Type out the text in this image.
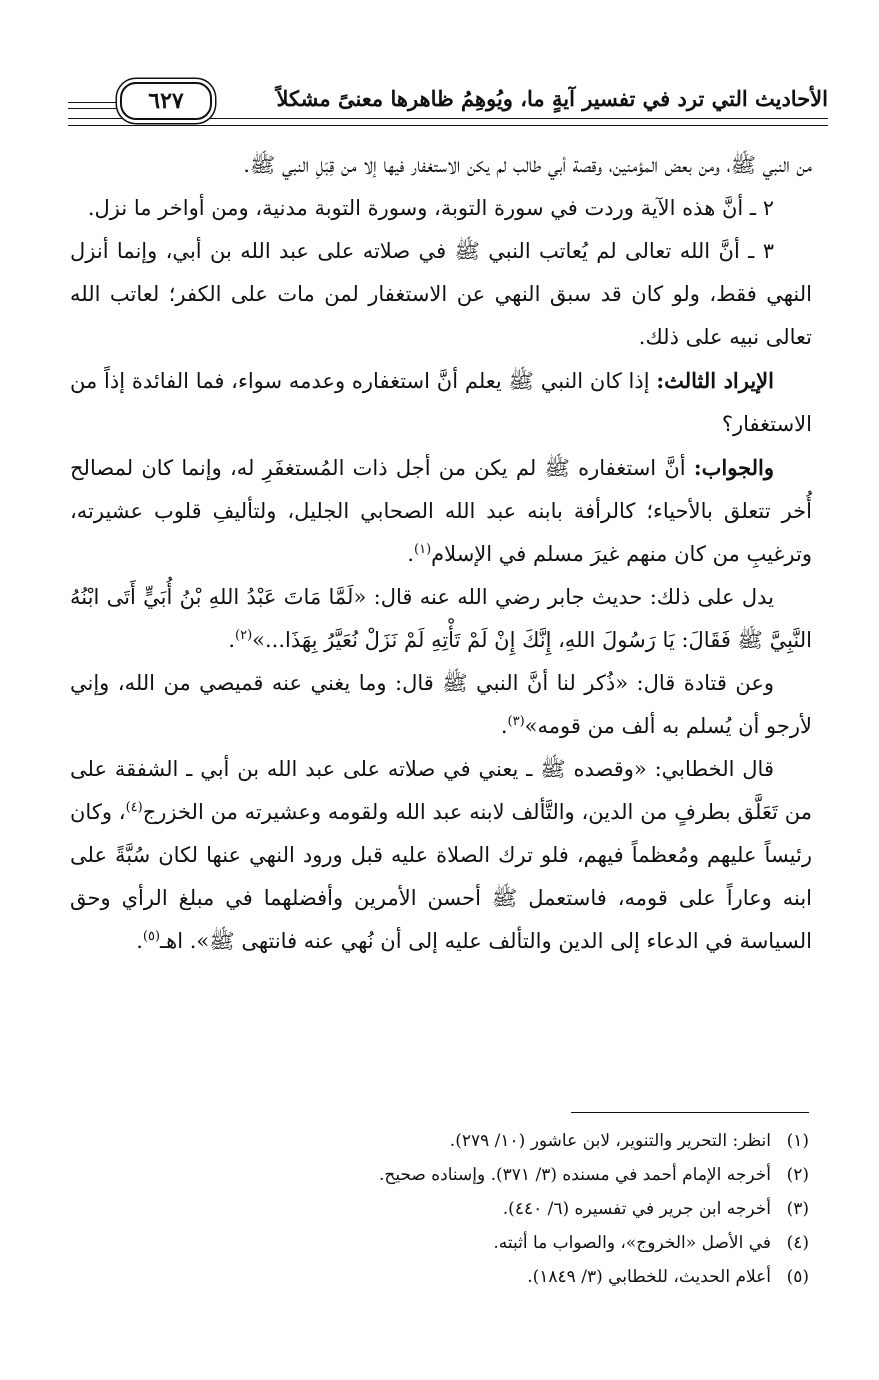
الأحاديث التي ترد في تفسير آيةٍ ما، ويُوهِمُ ظاهرها معنىً مشكلاً
٦٢٧

من النبي ﷺ، ومن بعض المؤمنين، وقصة أبي طالب لم يكن الاستغفار فيها إلا من قِبَلِ النبي ﷺ.

٢ ـ أنَّ هذه الآية وردت في سورة التوبة، وسورة التوبة مدنية، ومن أواخر ما نزل.

٣ ـ أنَّ الله تعالى لم يُعاتب النبي ﷺ في صلاته على عبد الله بن أبي، وإنما أنزل النهي فقط، ولو كان قد سبق النهي عن الاستغفار لمن مات على الكفر؛ لعاتب الله تعالى نبيه على ذلك.

الإيراد الثالث: إذا كان النبي ﷺ يعلم أنَّ استغفاره وعدمه سواء، فما الفائدة إذاً من الاستغفار؟

والجواب: أنَّ استغفاره ﷺ لم يكن من أجل ذات المُستغفَرِ له، وإنما كان لمصالح أُخر تتعلق بالأحياء؛ كالرأفة بابنه عبد الله الصحابي الجليل، ولتأليفِ قلوب عشيرته، وترغيبِ من كان منهم غيرَ مسلم في الإسلام$^{(١)}$.

يدل على ذلك: حديث جابر رضي الله عنه قال: «لَمَّا مَاتَ عَبْدُ اللهِ بْنُ أُبَيٍّ أَتَى ابْنُهُ النَّبِيَّ ﷺ فَقَالَ: يَا رَسُولَ اللهِ، إِنَّكَ إِنْ لَمْ تَأْتِهِ لَمْ نَزَلْ نُعَيَّرُ بِهَذَا...»$^{(٢)}$.

وعن قتادة قال: «ذُكر لنا أنَّ النبي ﷺ قال: وما يغني عنه قميصي من الله، وإني لأرجو أن يُسلم به ألف من قومه»$^{(٣)}$.

قال الخطابي: «وقصده ﷺ ـ يعني في صلاته على عبد الله بن أبي ـ الشفقة على من تَعَلَّق بطرفٍ من الدين، والتَّألف لابنه عبد الله ولقومه وعشيرته من الخزرج$^{(٤)}$، وكان رئيساً عليهم ومُعظماً فيهم، فلو ترك الصلاة عليه قبل ورود النهي عنها لكان سُبَّةً على ابنه وعاراً على قومه، فاستعمل ﷺ أحسن الأمرين وأفضلهما في مبلغ الرأي وحق السياسة في الدعاء إلى الدين والتألف عليه إلى أن نُهي عنه فانتهى ﷺ». اهـ$^{(٥)}$.

(١)انظر: التحرير والتنوير، لابن عاشور (١٠/ ٢٧٩).
(٢)أخرجه الإمام أحمد في مسنده (٣/ ٣٧١). وإسناده صحيح.
(٣)أخرجه ابن جرير في تفسيره (٦/ ٤٤٠).
(٤)في الأصل «الخروج»، والصواب ما أثبته.
(٥)أعلام الحديث، للخطابي (٣/ ١٨٤٩).
